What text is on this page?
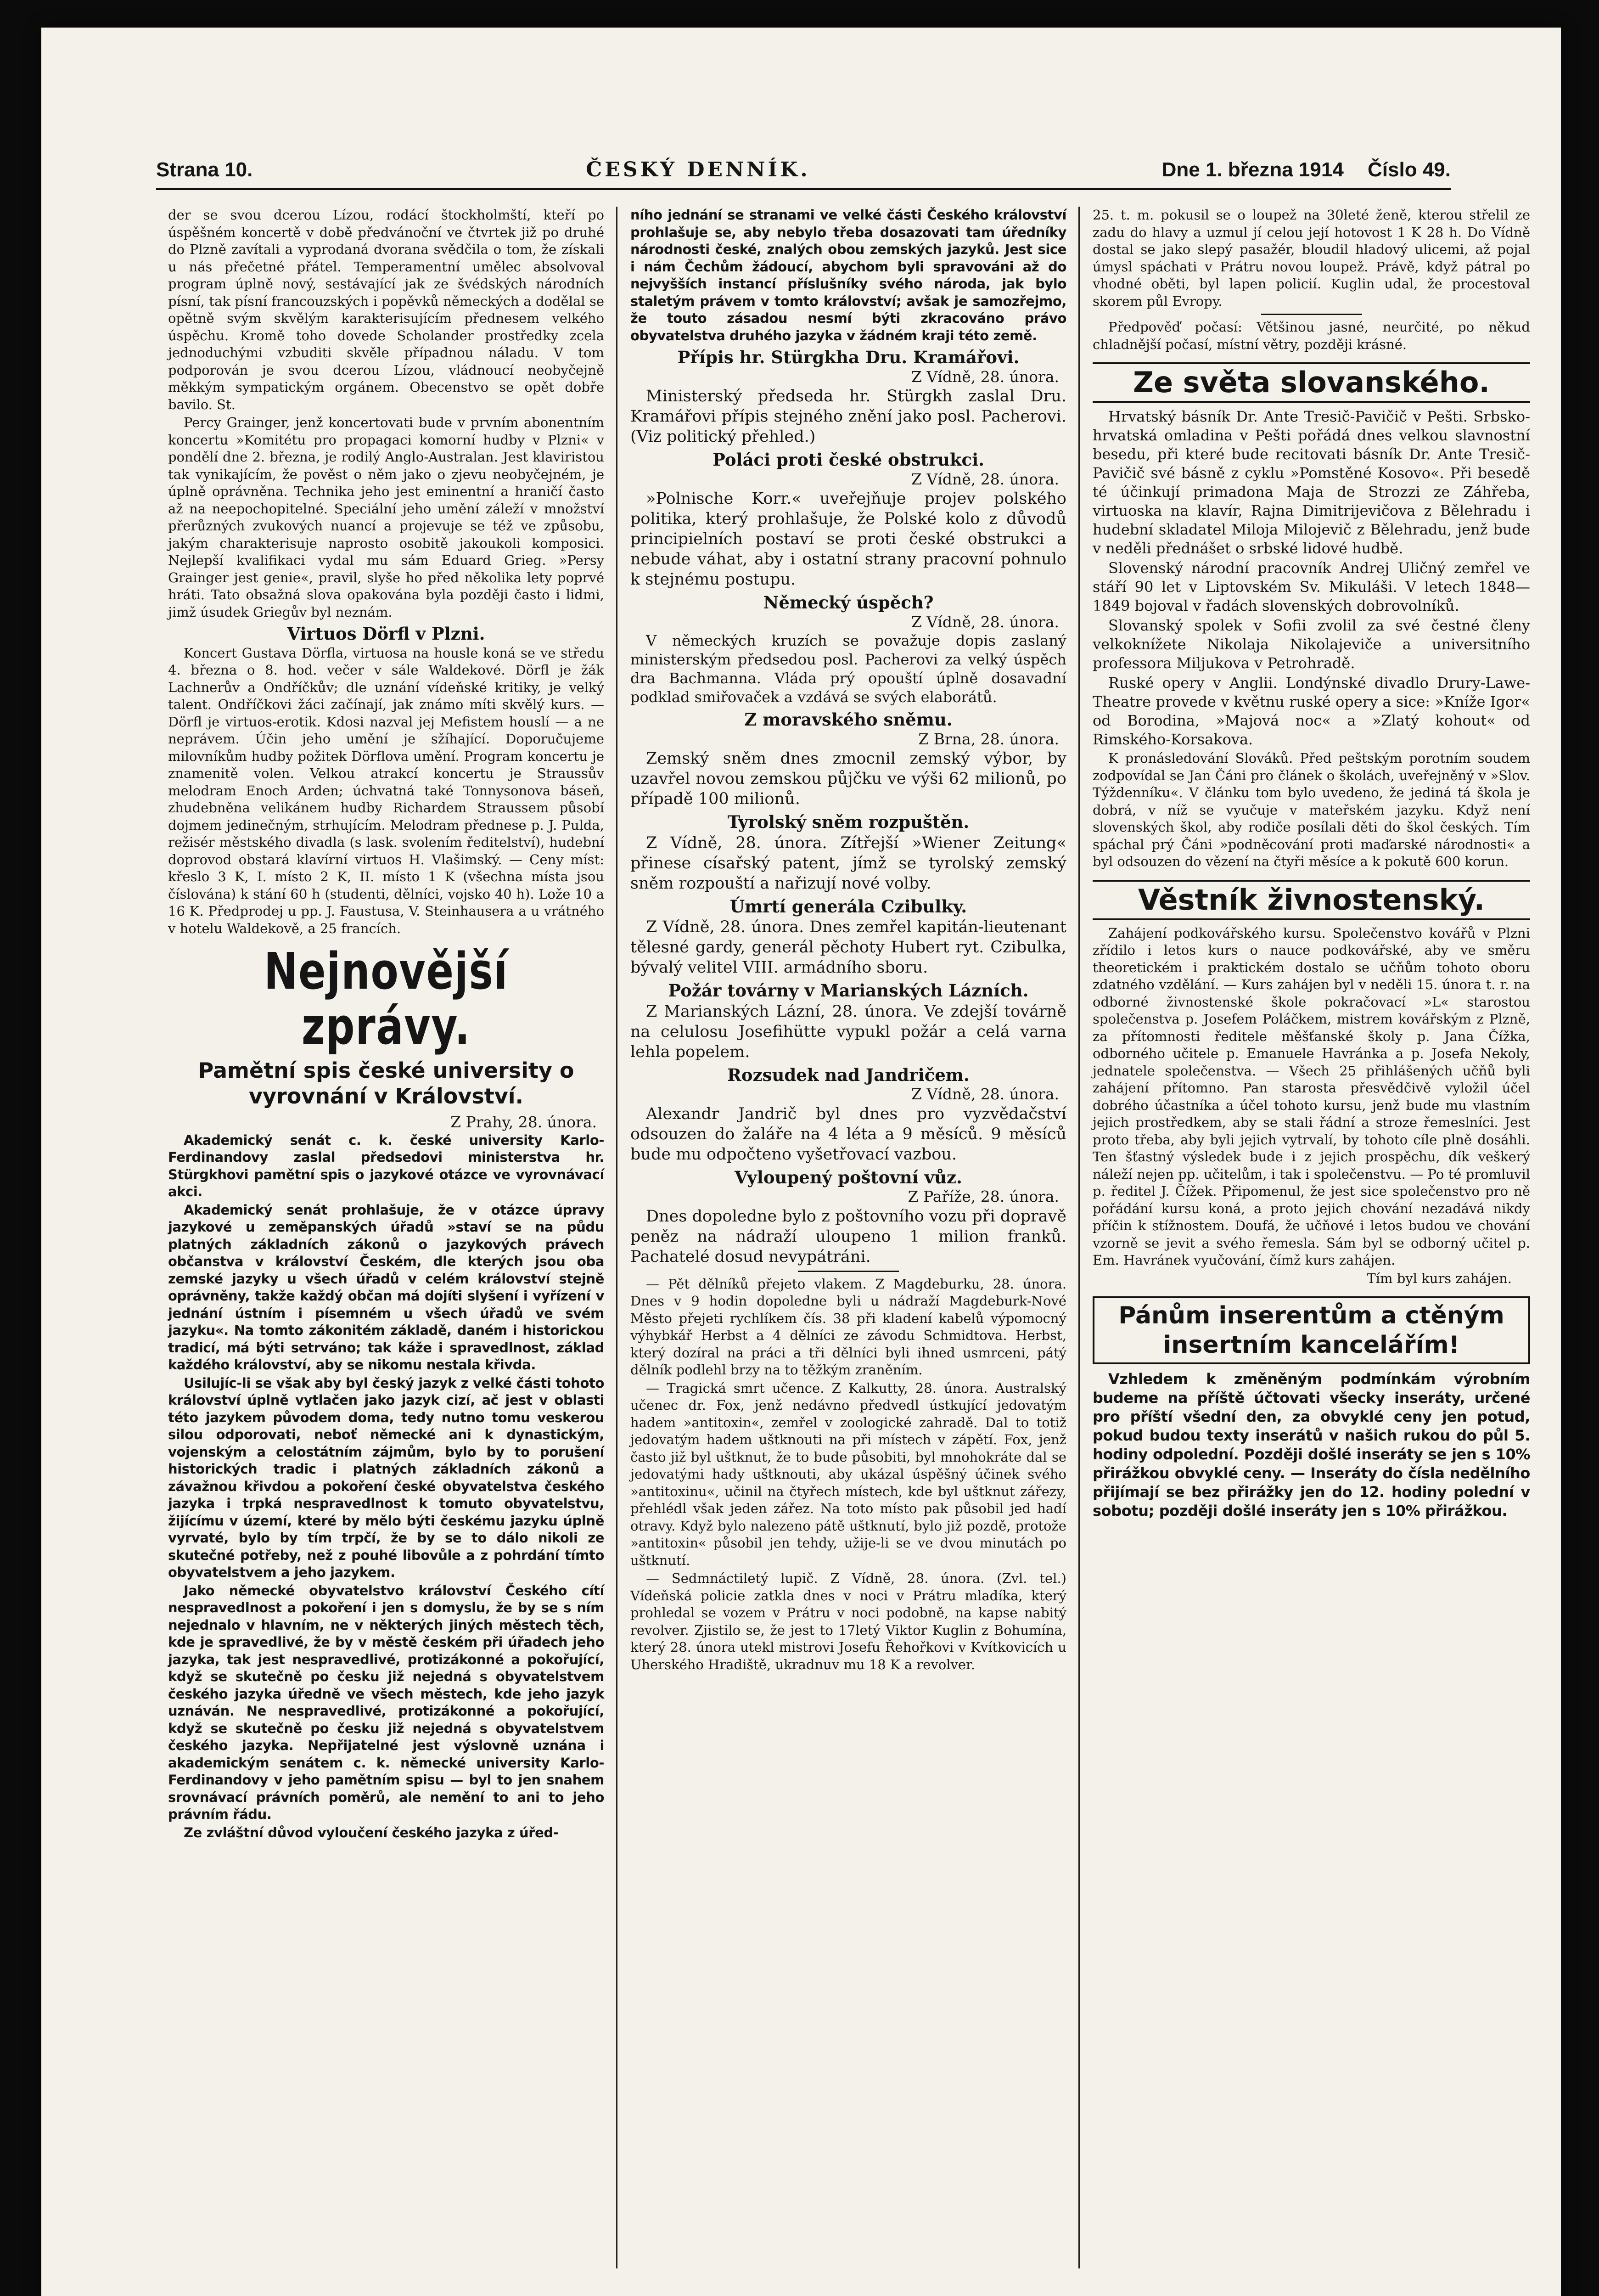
Strana 10.	ČESKÝ DENNÍK.	Dne 1. března 1914 Číslo 49.

der se svou dcerou Lízou, rodácí štockholmští, kteří po úspěšném koncertě v době předvánoční ve čtvrtek již po druhé do Plzně zavítali a vyprodaná dvorana svědčila o tom, že získali u nás přečetné přátel. Temperamentní umělec absolvoval program úplně nový, sestávající jak ze švédských národních písní, tak písní francouzských i popěvků německých a dodělal se opětně svým skvělým karakterisujícím přednesem velkého úspěchu. Kromě toho dovede Scholander prostředky zcela jednoduchými vzbuditi skvěle případnou náladu. V tom podporován je svou dcerou Lízou, vládnoucí neobyčejně měkkým sympatickým orgánem. Obecenstvo se opět dobře bavilo. St.

Percy Grainger, jenž koncertovati bude v prvním abonentním koncertu »Komitétu pro propagaci komorní hudby v Plzni« v pondělí dne 2. března, je rodilý Anglo-Australan. Jest klaviristou tak vynikajícím, že pověst o něm jako o zjevu neobyčejném, je úplně oprávněna. Technika jeho jest eminentní a hraničí často až na neepochopitelné. Speciální jeho umění záleží v množství přerůzných zvukových nuancí a projevuje se též ve způsobu, jakým charakterisuje naprosto osobitě jakoukoli komposici. Nejlepší kvalifikaci vydal mu sám Eduard Grieg. »Persy Grainger jest genie«, pravil, slyše ho před několika lety poprvé hráti. Tato obsažná slova opakována byla později často i lidmi, jimž úsudek Griegův byl neznám.

Virtuos Dörfl v Plzni.

Koncert Gustava Dörfla, virtuosa na housle koná se ve středu 4. března o 8. hod. večer v sále Waldekové. Dörfl je žák Lachnerův a Ondříčkův; dle uznání vídeňské kritiky, je velký talent. Ondříčkovi žáci začínají, jak známo míti skvělý kurs. — Dörfl je virtuos-erotik. Kdosi nazval jej Mefistem houslí — a ne neprávem. Účin jeho umění je sžíhající. Doporučujeme milovníkům hudby požitek Dörflova umění. Program koncertu je znamenitě volen. Velkou atrakcí koncertu je Straussův melodram Enoch Arden; úchvatná také Tonnysonova báseň, zhudebněna velikánem hudby Richardem Straussem působí dojmem jedinečným, strhujícím. Melodram přednese p. J. Pulda, režisér městského divadla (s lask. svolením ředitelství), hudební doprovod obstará klavírní virtuos H. Vlašimský. — Ceny míst: křeslo 3 K, I. místo 2 K, II. místo 1 K (všechna místa jsou číslována) k stání 60 h (studenti, dělníci, vojsko 40 h). Lože 10 a 16 K. Předprodej u pp. J. Faustusa, V. Steinhausera a u vrátného v hotelu Waldekově, a 25 francích.

Nejnovější zprávy.
Pamětní spis české university o vyrovnání v Království.

Z Prahy, 28. února.

Akademický senát c. k. české university Karlo-Ferdinandovy zaslal předsedovi ministerstva hr. Stürgkhovi pamětní spis o jazykové otázce ve vyrovnávací akci.

Akademický senát prohlašuje, že v otázce úpravy jazykové u zeměpanských úřadů »staví se na půdu platných základních zákonů o jazykových právech občanstva v království Českém, dle kterých jsou oba zemské jazyky u všech úřadů v celém království stejně oprávněny, takže každý občan má dojíti slyšení i vyřízení v jednání ústním i písemném u všech úřadů ve svém jazyku«. Na tomto zákonitém základě, daném i historickou tradicí, má býti setrváno; tak káže i spravedlnost, základ každého království, aby se nikomu nestala křivda.

Usilujíc-li se však aby byl český jazyk z velké části tohoto království úplně vytlačen jako jazyk cizí, ač jest v oblasti této jazykem původem doma, tedy nutno tomu veskerou silou odporovati, neboť německé ani k dynastickým, vojenským a celostátním zájmům, bylo by to porušení historických tradic i platných základních zákonů a závažnou křivdou a pokoření české obyvatelstva českého jazyka i trpká nespravedlnost k tomuto obyvatelstvu, žijícímu v území, které by mělo býti českému jazyku úplně vyrvaté, bylo by tím trpčí, že by se to dálo nikoli ze skutečné potřeby, než z pouhé libovůle a z pohrdání tímto obyvatelstvem a jeho jazykem.

Jako německé obyvatelstvo království Českého cítí nespravedlnost a pokoření i jen s domyslu, že by se s ním nejednalo v hlavním, ne v některých jiných městech těch, kde je spravedlivé, že by v městě českém při úřadech jeho jazyka, tak jest nespravedlivé, protizákonné a pokořující, když se skutečně po česku již nejedná s obyvatelstvem českého jazyka úředně ve všech městech, kde jeho jazyk uznáván. Ne nespravedlivé, protizákonné a pokořující, když se skutečně po česku již nejedná s obyvatelstvem českého jazyka. Nepřijatelné jest výslovně uznána i akademickým senátem c. k. německé university Karlo-Ferdinandovy v jeho pamětním spisu — byl to jen snahem srovnávací právních poměrů, ale nemění to ani to jeho právním řádu.

Ze zvláštní důvod vyloučení českého jazyka z úřed-

ního jednání se stranami ve velké části Českého království prohlašuje se, aby nebylo třeba dosazovati tam úředníky národnosti české, znalých obou zemských jazyků. Jest sice i nám Čechům žádoucí, abychom byli spravováni až do nejvyšších instancí příslušníky svého národa, jak bylo staletým právem v tomto království; avšak je samozřejmo, že touto zásadou nesmí býti zkracováno právo obyvatelstva druhého jazyka v žádném kraji této země.

Přípis hr. Stürgkha Dru. Kramářovi.

Z Vídně, 28. února.

Ministerský předseda hr. Stürgkh zaslal Dru. Kramářovi přípis stejného znění jako posl. Pacherovi. (Viz politický přehled.)

Poláci proti české obstrukci.

Z Vídně, 28. února.

»Polnische Korr.« uveřejňuje projev polského politika, který prohlašuje, že Polské kolo z důvodů principielních postaví se proti české obstrukci a nebude váhat, aby i ostatní strany pracovní pohnulo k stejnému postupu.

Německý úspěch?

Z Vídně, 28. února.

V německých kruzích se považuje dopis zaslaný ministerským předsedou posl. Pacherovi za velký úspěch dra Bachmanna. Vláda prý opouští úplně dosavadní podklad smiřovaček a vzdává se svých elaborátů.

Z moravského sněmu.

Z Brna, 28. února.

Zemský sněm dnes zmocnil zemský výbor, by uzavřel novou zemskou půjčku ve výši 62 milionů, po případě 100 milionů.

Tyrolský sněm rozpuštěn.

Z Vídně, 28. února. Zítřejší »Wiener Zeitung« přinese císařský patent, jímž se tyrolský zemský sněm rozpouští a nařizují nové volby.

Úmrtí generála Czibulky.

Z Vídně, 28. února. Dnes zemřel kapitán-lieutenant tělesné gardy, generál pěchoty Hubert ryt. Czibulka, bývalý velitel VIII. armádního sboru.

Požár továrny v Marianských Lázních.

Z Marianských Lázní, 28. února. Ve zdejší továrně na celulosu Josefihütte vypukl požár a celá varna lehla popelem.

Rozsudek nad Jandričem.

Z Vídně, 28. února.

Alexandr Jandrič byl dnes pro vyzvědačství odsouzen do žaláře na 4 léta a 9 měsíců. 9 měsíců bude mu odpočteno vyšetřovací vazbou.

Vyloupený poštovní vůz.

Z Paříže, 28. února.

Dnes dopoledne bylo z poštovního vozu při dopravě peněz na nádraží uloupeno 1 milion franků. Pachatelé dosud nevypátráni.

— Pět dělníků přejeto vlakem. Z Magdeburku, 28. února. Dnes v 9 hodin dopoledne byli u nádraží Magdeburk-Nové Město přejeti rychlíkem čís. 38 při kladení kabelů výpomocný výhybkář Herbst a 4 dělníci ze závodu Schmidtova. Herbst, který dozíral na práci a tři dělníci byli ihned usmrceni, pátý dělník podlehl brzy na to těžkým zraněním.

— Tragická smrt učence. Z Kalkutty, 28. února. Australský učenec dr. Fox, jenž nedávno předvedl ústkující jedovatým hadem »antitoxin«, zemřel v zoologické zahradě. Dal to totiž jedovatým hadem uštknouti na při místech v zápětí. Fox, jenž často již byl uštknut, že to bude působiti, byl mnohokráte dal se jedovatými hady uštknouti, aby ukázal úspěšný účinek svého »antitoxinu«, učinil na čtyřech místech, kde byl uštknut zářezy, přehlédl však jeden zářez. Na toto místo pak působil jed hadí otravy. Když bylo nalezeno pátě uštknutí, bylo již pozdě, protože »antitoxin« působil jen tehdy, užije-li se ve dvou minutách po uštknutí.

— Sedmnáctiletý lupič. Z Vídně, 28. února. (Zvl. tel.) Vídeňská policie zatkla dnes v noci v Prátru mladíka, který prohledal se vozem v Prátru v noci podobně, na kapse nabitý revolver. Zjistilo se, že jest to 17letý Viktor Kuglin z Bohumína, který 28. února utekl mistrovi Josefu Řehořkovi v Kvítkovicích u Uherského Hradiště, ukradnuv mu 18 K a revolver.

25. t. m. pokusil se o loupež na 30leté ženě, kterou střelil ze zadu do hlavy a uzmul jí celou její hotovost 1 K 28 h. Do Vídně dostal se jako slepý pasažér, bloudil hladový ulicemi, až pojal úmysl spáchati v Prátru novou loupež. Právě, když pátral po vhodné oběti, byl lapen policií. Kuglin udal, že procestoval skorem půl Evropy.

Předpověď počasí: Většinou jasné, neurčité, po někud chladnější počasí, místní větry, později krásné.

Ze světa slovanského.

Hrvatský básník Dr. Ante Tresič-Pavičič v Pešti. Srbsko-hrvatská omladina v Pešti pořádá dnes velkou slavnostní besedu, při které bude recitovati básník Dr. Ante Tresič-Pavičič své básně z cyklu »Pomstěné Kosovo«. Při besedě té účinkují primadona Maja de Strozzi ze Záhřeba, virtuoska na klavír, Rajna Dimitrijevičova z Bělehradu i hudební skladatel Miloja Milojevič z Bělehradu, jenž bude v neděli přednášet o srbské lidové hudbě.

Slovenský národní pracovník Andrej Uličný zemřel ve stáří 90 let v Liptovském Sv. Mikuláši. V letech 1848—1849 bojoval v řadách slovenských dobrovolníků.

Slovanský spolek v Sofii zvolil za své čestné členy velkoknížete Nikolaja Nikolajeviče a universitního professora Miljukova v Petrohradě.

Ruské opery v Anglii. Londýnské divadlo Drury-Lawe-Theatre provede v květnu ruské opery a sice: »Kníže Igor« od Borodina, »Majová noc« a »Zlatý kohout« od Rimského-Korsakova.

K pronásledování Slováků. Před peštským porotním soudem zodpovídal se Jan Čáni pro článek o školách, uveřejněný v »Slov. Týždenníku«. V článku tom bylo uvedeno, že jediná tá škola je dobrá, v níž se vyučuje v mateřském jazyku. Když není slovenských škol, aby rodiče posílali děti do škol českých. Tím spáchal prý Čáni »podněcování proti maďarské národnosti« a byl odsouzen do vězení na čtyři měsíce a k pokutě 600 korun.

Věstník živnostenský.

Zahájení podkovářského kursu. Společenstvo kovářů v Plzni zřídilo i letos kurs o nauce podkovářské, aby ve směru theoretickém i praktickém dostalo se učňům tohoto oboru zdatného vzdělání. — Kurs zahájen byl v neděli 15. února t. r. na odborné živnostenské škole pokračovací »L« starostou společenstva p. Josefem Poláčkem, mistrem kovářským z Plzně, za přítomnosti ředitele měšťanské školy p. Jana Čížka, odborného učitele p. Emanuele Havránka a p. Josefa Nekoly, jednatele společenstva. — Všech 25 přihlášených učňů byli zahájení přítomno. Pan starosta přesvědčivě vyložil účel dobrého účastníka a účel tohoto kursu, jenž bude mu vlastním jejich prostředkem, aby se stali řádní a stroze řemeslníci. Jest proto třeba, aby byli jejich vytrvalí, by tohoto cíle plně dosáhli. Ten šťastný výsledek bude i z jejich prospěchu, dík veškerý náleží nejen pp. učitelům, i tak i společenstvu. — Po té promluvil p. ředitel J. Čížek. Připomenul, že jest sice společenstvo pro ně pořádání kursu koná, a proto jejich chování nezadává nikdy příčin k stížnostem. Doufá, že učňové i letos budou ve chování vzorně se jevit a svého řemesla. Sám byl se odborný učitel p. Em. Havránek vyučování, čímž kurs zahájen.

Tím byl kurs zahájen.

Pánům inserentům a ctěným insertním kancelářím!

Vzhledem k změněným podmínkám výrobním budeme na příště účtovati všecky inseráty, určené pro příští všední den, za obvyklé ceny jen potud, pokud budou texty inserátů v našich rukou do půl 5. hodiny odpolední. Později došlé inseráty se jen s 10% přirážkou obvyklé ceny. — Inseráty do čísla nedělního přijímají se bez přirážky jen do 12. hodiny polední v sobotu; později došlé inseráty jen s 10% přirážkou.
